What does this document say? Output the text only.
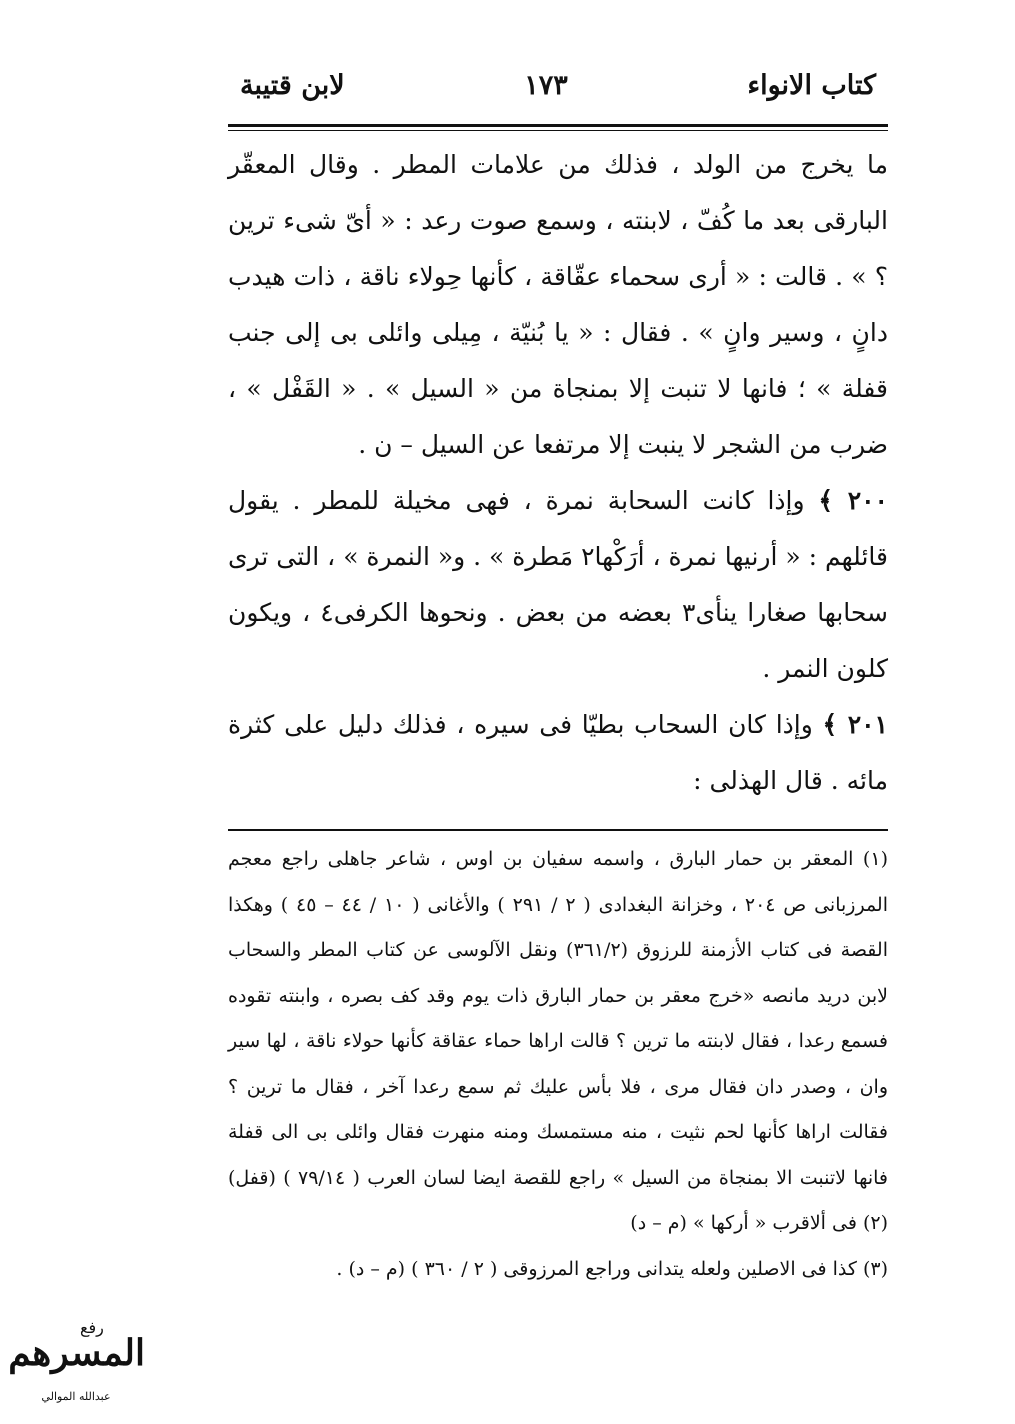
كتاب الانواء
١٧٣
لابن قتيبة

ما يخرج من الولد ، فذلك من علامات المطر . وقال المعقّر البارقى بعد ما كُفّ ، لابنته ، وسمع صوت رعد : « أىّ شىء ترين ؟ » . قالت : « أرى سحماء عقّاقة ، كأنها حِولاء ناقة ، ذات هيدب دانٍ ، وسير وانٍ » . فقال : « يا بُنيّة ، مِيلى وائلى بى إلى جنب قفلة » ؛ فانها لا تنبت إلا بمنجاة من « السيل » . « القَفْل » ، ضرب من الشجر لا ينبت إلا مرتفعا عن السيل – ن .

٢٠٠ ﴾ وإذا كانت السحابة نمرة ، فهى مخيلة للمطر . يقول قائلهم : « أرنيها نمرة ، أرَكْها٢ مَطرة » . و« النمرة » ، التى ترى سحابها صغارا ينأى٣ بعضه من بعض . ونحوها الكرفى٤ ، ويكون كلون النمر .

٢٠١ ﴾ وإذا كان السحاب بطيّا فى سيره ، فذلك دليل على كثرة مائه . قال الهذلى :

(١) المعقر بن حمار البارق ، واسمه سفيان بن اوس ، شاعر جاهلى راجع معجم المرزبانى ص ٢٠٤ ، وخزانة البغدادى ( ٢ / ٢٩١ ) والأغانى ( ١٠ / ٤٤ – ٤٥ ) وهكذا القصة فى كتاب الأزمنة للرزوق (٣٦١/٢) ونقل الآلوسى عن كتاب المطر والسحاب لابن دريد مانصه «خرج معقر بن حمار البارق ذات يوم وقد كف بصره ، وابنته تقوده فسمع رعدا ، فقال لابنته ما ترين ؟ قالت اراها حماء عقاقة كأنها حولاء ناقة ، لها سير وان ، وصدر دان فقال مرى ، فلا بأس عليك ثم سمع رعدا آخر ، فقال ما ترين ؟ فقالت اراها كأنها لحم نثيت ، منه مستمسك ومنه منهرت فقال وائلى بى الى قفلة فانها لاتنبت الا بمنجاة من السيل » راجع للقصة ايضا لسان العرب ( ٧٩/١٤ ) (قفل) (٢) فى ألاقرب « أركها » (م – د)

(٣) كذا فى الاصلين ولعله يتدانى وراجع المرزوقى ( ٢ / ٣٦٠ ) (م – د) .

رفع
المسرهم
عبدالله الموالي
